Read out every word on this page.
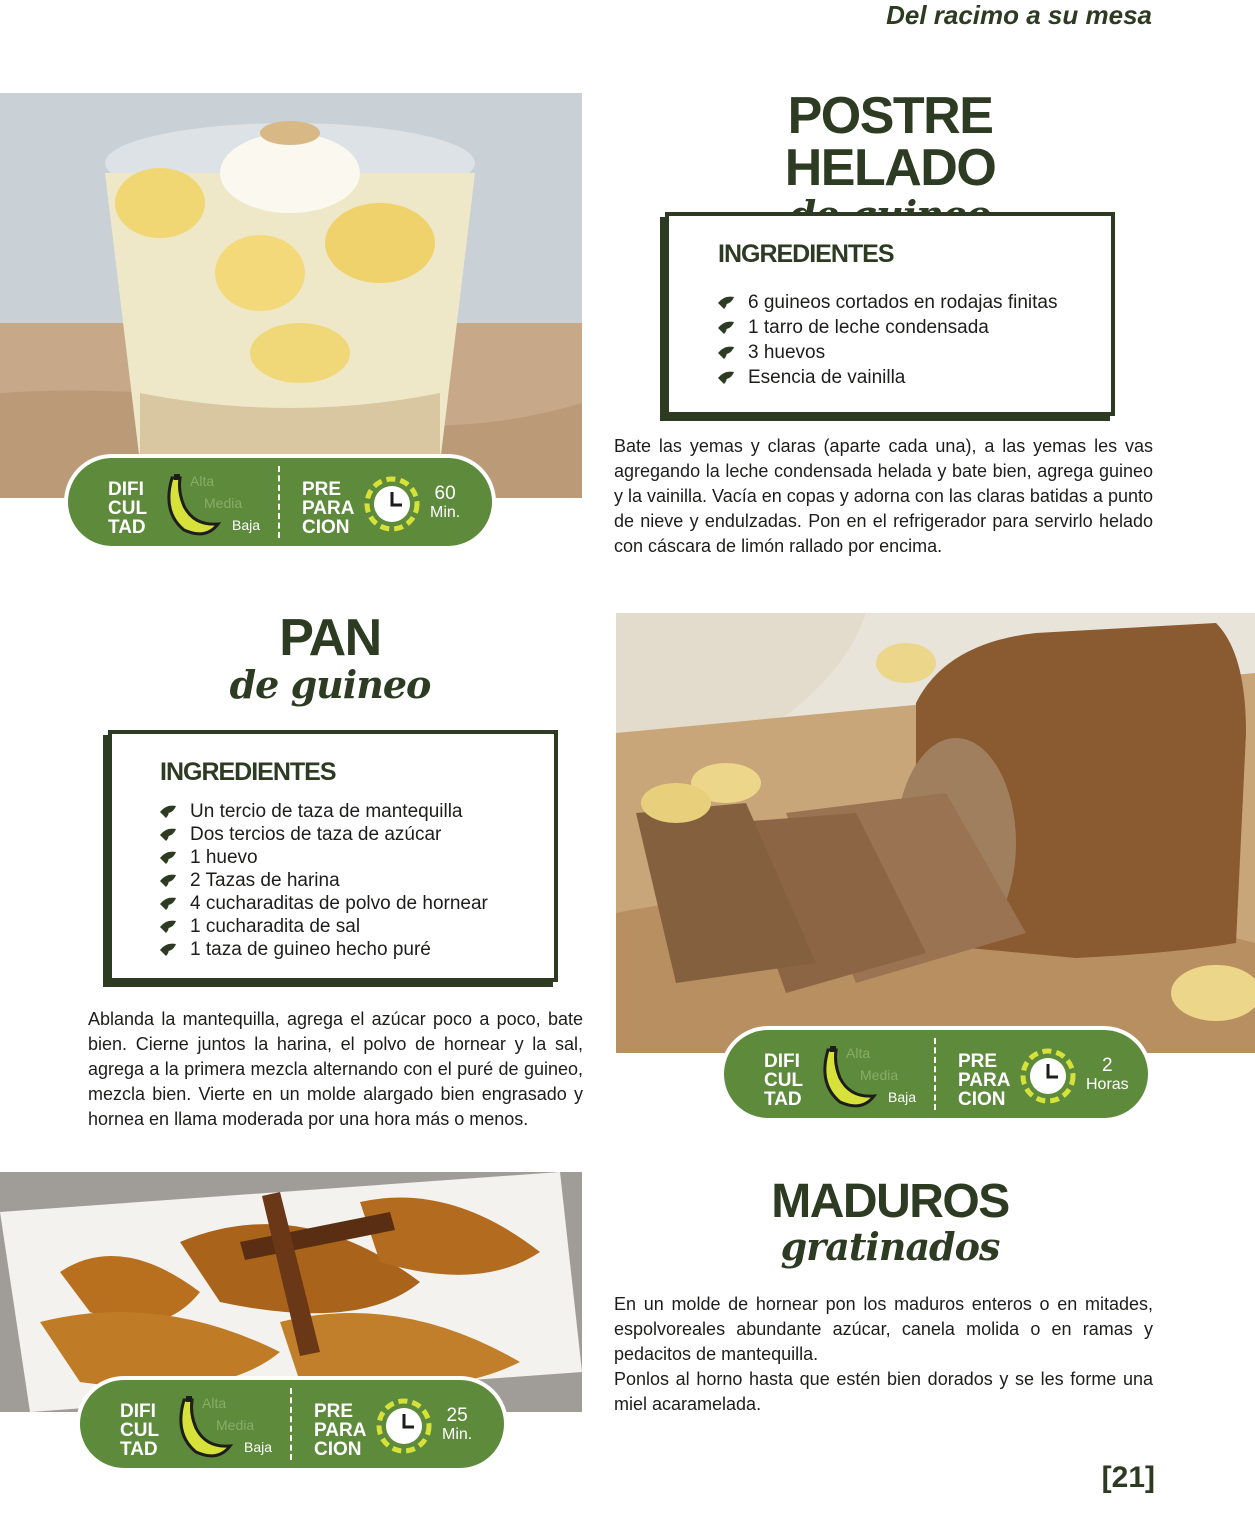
Del racimo a su mesa
DIFI
CUL
TAD
Alta
Media
Baja
PRE
PARA
CION
60
Min.
POSTRE HELADO
INGREDIENTES
6 guineos cortados en rodajas finitas
1 tarro de leche condensada
3 huevos
Esencia de vainilla
Bate las yemas y claras (aparte cada una), a las yemas les vas agregando la leche condensada helada y bate bien, agrega guineo y la vainilla. Vacía en copas y adorna con las claras batidas a punto de nieve y endulzadas. Pon en el refrigerador para servirlo helado con cáscara de limón rallado por encima.
PAN
de guineo
INGREDIENTES
Un tercio de taza de mantequilla
Dos tercios de taza de azúcar
1 huevo
2 Tazas de harina
4 cucharaditas de polvo de hornear
1 cucharadita de sal
1 taza de guineo hecho puré
Ablanda la mantequilla, agrega el azúcar poco a poco, bate bien. Cierne juntos la harina, el polvo de hornear y la sal, agrega a la primera mezcla alternando con el puré de guineo, mezcla bien. Vierte en un molde alargado bien engrasado y hornea en llama moderada por una hora más o menos.
DIFI
CUL
TAD
Alta
Media
Baja
PRE
PARA
CION
2
Horas
DIFI
CUL
TAD
Alta
Media
Baja
PRE
PARA
CION
25
Min.
MADUROS
gratinados
En un molde de hornear pon los maduros enteros o en mitades, espolvoreales abundante azúcar, canela molida o en ramas y pedacitos de mantequilla.
Ponlos al horno hasta que estén bien dorados y se les forme una miel acaramelada.
[21]
